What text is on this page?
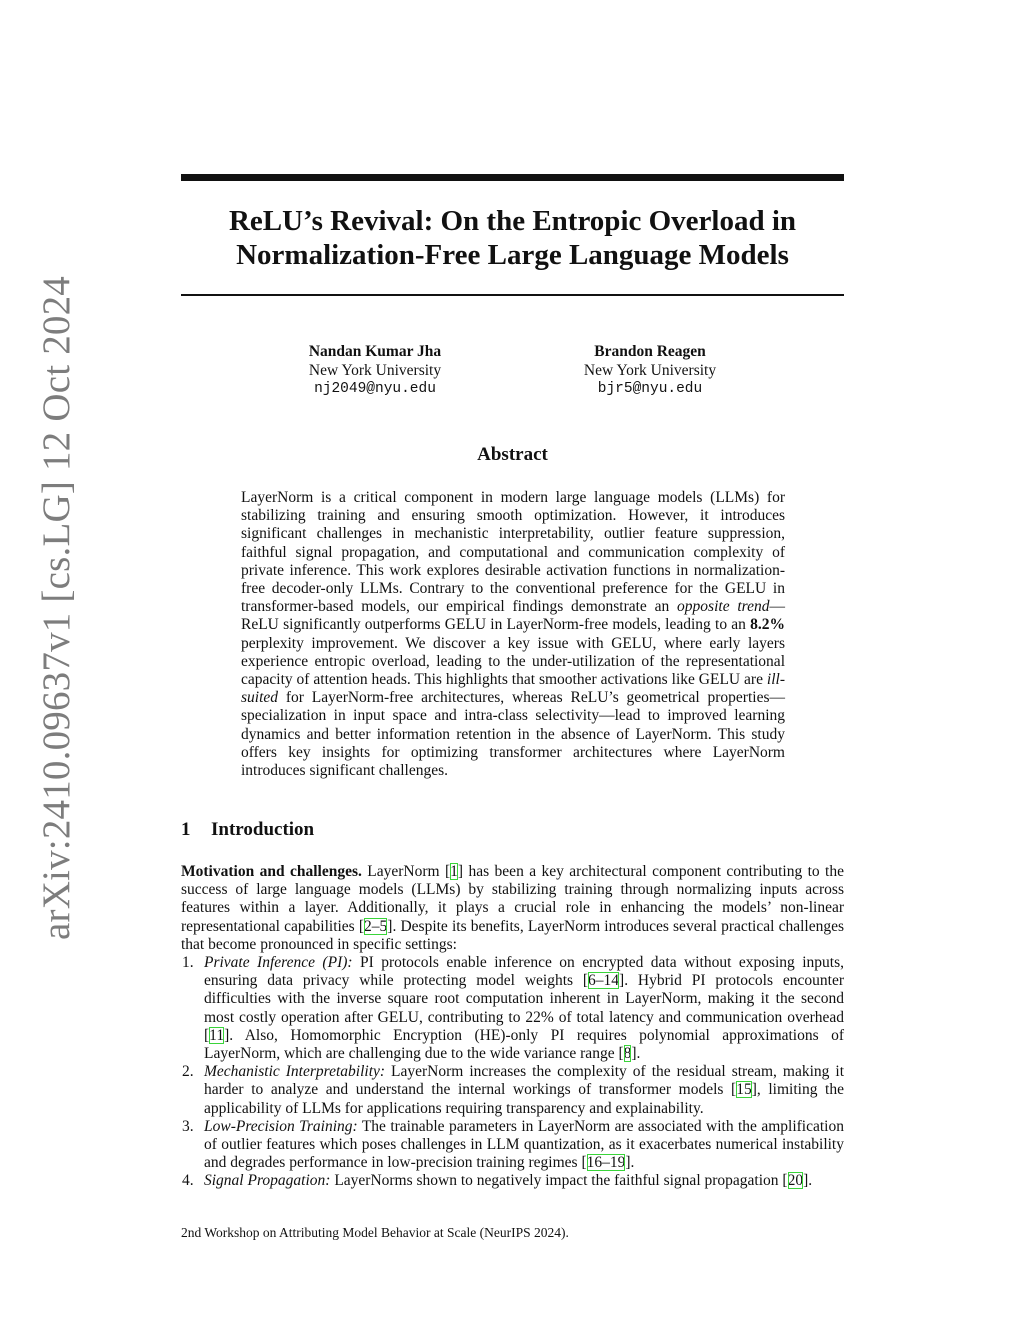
arXiv:2410.09637v1 [cs.LG] 12 Oct 2024
ReLU’s Revival: On the Entropic Overload in
Normalization-Free Large Language Models
Nandan Kumar Jha
New York University
nj2049@nyu.edu
Brandon Reagen
New York University
bjr5@nyu.edu
Abstract
LayerNorm is a critical component in modern large language models (LLMs) for stabilizing training and ensuring smooth optimization. However, it introduces significant challenges in mechanistic interpretability, outlier feature suppression, faithful signal propagation, and computational and communication complexity of private inference. This work explores desirable activation functions in normalization-free decoder-only LLMs. Contrary to the conventional preference for the GELU in transformer-based models, our empirical findings demonstrate an opposite trend—ReLU significantly outperforms GELU in LayerNorm-free models, leading to an 8.2% perplexity improvement. We discover a key issue with GELU, where early layers experience entropic overload, leading to the under-utilization of the representational capacity of attention heads. This highlights that smoother activations like GELU are ill-suited for LayerNorm-free architectures, whereas ReLU’s geometrical properties—specialization in input space and intra-class selectivity—lead to improved learning dynamics and better information retention in the absence of LayerNorm. This study offers key insights for optimizing transformer architectures where LayerNorm introduces significant challenges.
1 Introduction

Motivation and challenges. LayerNorm [1] has been a key architectural component contributing to the success of large language models (LLMs) by stabilizing training through normalizing inputs across features within a layer. Additionally, it plays a crucial role in enhancing the models’ non-linear representational capabilities [2–5]. Despite its benefits, LayerNorm introduces several practical challenges that become pronounced in specific settings:

1. Private Inference (PI): PI protocols enable inference on encrypted data without exposing inputs, ensuring data privacy while protecting model weights [6–14]. Hybrid PI protocols encounter difficulties with the inverse square root computation inherent in LayerNorm, making it the second most costly operation after GELU, contributing to 22% of total latency and communication overhead [11]. Also, Homomorphic Encryption (HE)-only PI requires polynomial approximations of LayerNorm, which are challenging due to the wide variance range [8].
2. Mechanistic Interpretability: LayerNorm increases the complexity of the residual stream, making it harder to analyze and understand the internal workings of transformer models [15], limiting the applicability of LLMs for applications requiring transparency and explainability.
3. Low-Precision Training: The trainable parameters in LayerNorm are associated with the amplification of outlier features which poses challenges in LLM quantization, as it exacerbates numerical instability and degrades performance in low-precision training regimes [16–19].
4. Signal Propagation: LayerNorms shown to negatively impact the faithful signal propagation [20].
2nd Workshop on Attributing Model Behavior at Scale (NeurIPS 2024).
